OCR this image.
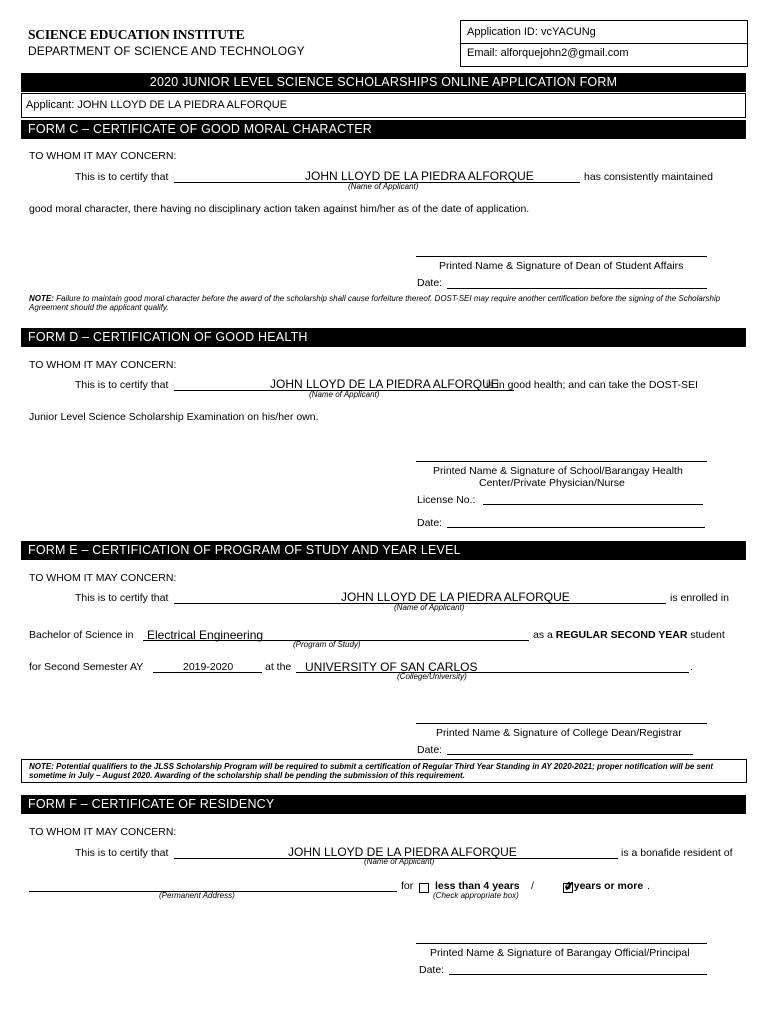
SCIENCE EDUCATION INSTITUTE
DEPARTMENT OF SCIENCE AND TECHNOLOGY
Application ID: vcYACUNg
Email: alforquejohn2@gmail.com
2020 JUNIOR LEVEL SCIENCE SCHOLARSHIPS ONLINE APPLICATION FORM
Applicant: JOHN LLOYD DE LA PIEDRA ALFORQUE
FORM C – CERTIFICATE OF GOOD MORAL CHARACTER
TO WHOM IT MAY CONCERN:
This is to certify that	JOHN LLOYD DE LA PIEDRA ALFORQUE	has consistently maintained
(Name of Applicant)
good moral character, there having no disciplinary action taken against him/her as of the date of application.
Printed Name & Signature of Dean of Student Affairs
Date:
NOTE: Failure to maintain good moral character before the award of the scholarship shall cause forfeiture thereof. DOST-SEI may require another certification before the signing of the Scholarship Agreement should the applicant qualify.
FORM D – CERTIFICATION OF GOOD HEALTH
TO WHOM IT MAY CONCERN:
This is to certify that	JOHN LLOYD DE LA PIEDRA ALFORQUE
is in good health; and can take the DOST-SEI
(Name of Applicant)
Junior Level Science Scholarship Examination on his/her own.
Printed Name & Signature of School/Barangay Health
Center/Private Physician/Nurse
License No.:
Date:
FORM E – CERTIFICATION OF PROGRAM OF STUDY AND YEAR LEVEL
TO WHOM IT MAY CONCERN:
This is to certify that	JOHN LLOYD DE LA PIEDRA ALFORQUE	is enrolled in
(Name of Applicant)
Bachelor of Science in Electrical Engineering
(Program of Study)
as a REGULAR SECOND YEAR student
for Second Semester AY	2019-2020	at the UNIVERSITY OF SAN CARLOS	.
(College/University)
Printed Name & Signature of College Dean/Registrar
Date:
NOTE: Potential qualifiers to the JLSS Scholarship Program will be required to submit a certification of Regular Third Year Standing in AY 2020-2021; proper notification will be sent sometime in July – August 2020. Awarding of the scholarship shall be pending the submission of this requirement.
FORM F – CERTIFICATE OF RESIDENCY
TO WHOM IT MAY CONCERN:
This is to certify that	JOHN LLOYD DE LA PIEDRA ALFORQUE	is a bonafide resident of
(Name of Applicant)
(Permanent Address)
for
less than 4 years /
✓	4 years or more .
(Check appropriate box)
Printed Name & Signature of Barangay Official/Principal
Date:
